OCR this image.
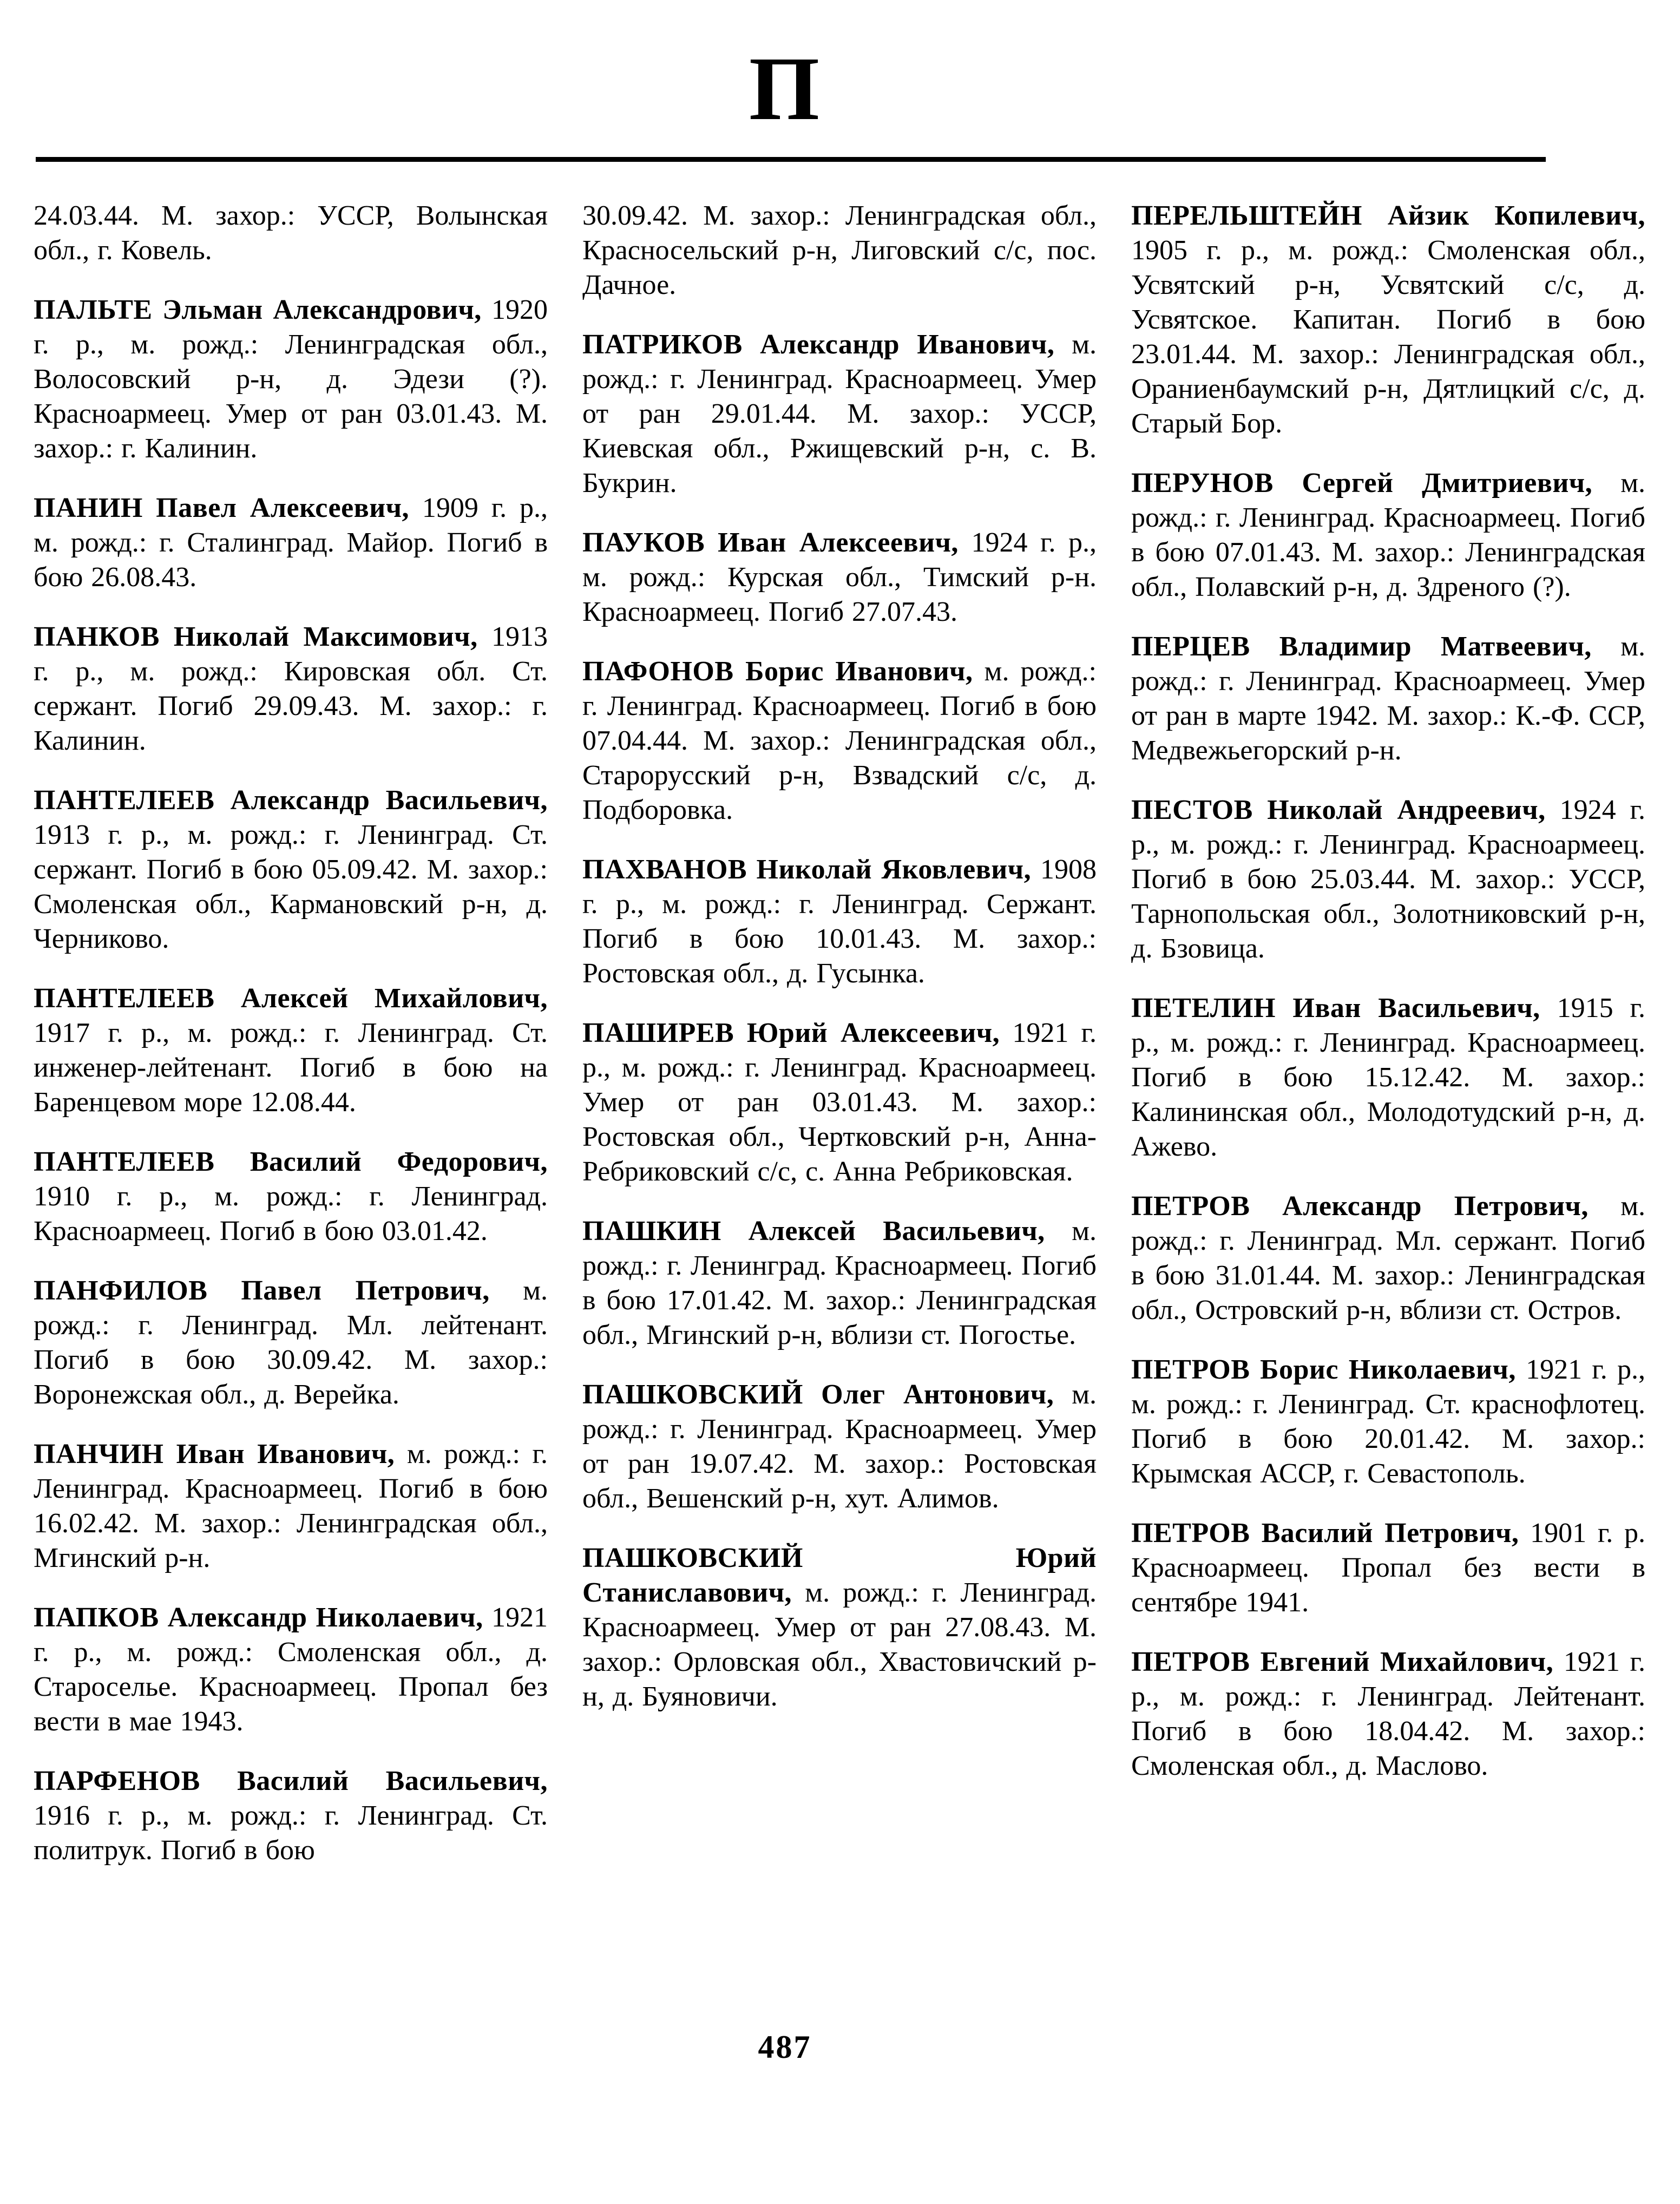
П

24.03.44. М. захор.: УССР, Волынская обл., г. Ковель.

ПАЛЬТЕ Эльман Александрович, 1920 г. р., м. рожд.: Ленинградская обл., Волосовский р-н, д. Эдези (?). Красноармеец. Умер от ран 03.01.43. М. захор.: г. Калинин.

ПАНИН Павел Алексеевич, 1909 г. р., м. рожд.: г. Сталинград. Майор. Погиб в бою 26.08.43.

ПАНКОВ Николай Максимович, 1913 г. р., м. рожд.: Кировская обл. Ст. сержант. Погиб 29.09.43. М. захор.: г. Калинин.

ПАНТЕЛЕЕВ Александр Васильевич, 1913 г. р., м. рожд.: г. Ленинград. Ст. сержант. Погиб в бою 05.09.42. М. захор.: Смоленская обл., Кармановский р-н, д. Черниково.

ПАНТЕЛЕЕВ Алексей Михайлович, 1917 г. р., м. рожд.: г. Ленинград. Ст. инженер-лейтенант. Погиб в бою на Баренцевом море 12.08.44.

ПАНТЕЛЕЕВ Василий Федорович, 1910 г. р., м. рожд.: г. Ленинград. Красноармеец. Погиб в бою 03.01.42.

ПАНФИЛОВ Павел Петрович, м. рожд.: г. Ленинград. Мл. лейтенант. Погиб в бою 30.09.42. М. захор.: Воронежская обл., д. Верейка.

ПАНЧИН Иван Иванович, м. рожд.: г. Ленинград. Красноармеец. Погиб в бою 16.02.42. М. захор.: Ленинградская обл., Мгинский р-н.

ПАПКОВ Александр Николаевич, 1921 г. р., м. рожд.: Смоленская обл., д. Староселье. Красноармеец. Пропал без вести в мае 1943.

ПАРФЕНОВ Василий Васильевич, 1916 г. р., м. рожд.: г. Ленинград. Ст. политрук. Погиб в бою

30.09.42. М. захор.: Ленинградская обл., Красносельский р-н, Лиговский с/с, пос. Дачное.

ПАТРИКОВ Александр Иванович, м. рожд.: г. Ленинград. Красноармеец. Умер от ран 29.01.44. М. захор.: УССР, Киевская обл., Ржищевский р-н, с. В. Букрин.

ПАУКОВ Иван Алексеевич, 1924 г. р., м. рожд.: Курская обл., Тимский р-н. Красноармеец. Погиб 27.07.43.

ПАФОНОВ Борис Иванович, м. рожд.: г. Ленинград. Красноармеец. Погиб в бою 07.04.44. М. захор.: Ленинградская обл., Старорусский р-н, Взвадский с/с, д. Подборовка.

ПАХВАНОВ Николай Яковлевич, 1908 г. р., м. рожд.: г. Ленинград. Сержант. Погиб в бою 10.01.43. М. захор.: Ростовская обл., д. Гусынка.

ПАШИРЕВ Юрий Алексеевич, 1921 г. р., м. рожд.: г. Ленинград. Красноармеец. Умер от ран 03.01.43. М. захор.: Ростовская обл., Чертковский р-н, Анна-Ребриковский с/с, с. Анна Ребриковская.

ПАШКИН Алексей Васильевич, м. рожд.: г. Ленинград. Красноармеец. Погиб в бою 17.01.42. М. захор.: Ленинградская обл., Мгинский р-н, вблизи ст. Погостье.

ПАШКОВСКИЙ Олег Антонович, м. рожд.: г. Ленинград. Красноармеец. Умер от ран 19.07.42. М. захор.: Ростовская обл., Вешенский р-н, хут. Алимов.

ПАШКОВСКИЙ Юрий Станиславович, м. рожд.: г. Ленинград. Красноармеец. Умер от ран 27.08.43. М. захор.: Орловская обл., Хвастовичский р-н, д. Буяновичи.

ПЕРЕЛЬШТЕЙН Айзик Копилевич, 1905 г. р., м. рожд.: Смоленская обл., Усвятский р-н, Усвятский с/с, д. Усвятское. Капитан. Погиб в бою 23.01.44. М. захор.: Ленинградская обл., Ораниенбаумский р-н, Дятлицкий с/с, д. Старый Бор.

ПЕРУНОВ Сергей Дмитриевич, м. рожд.: г. Ленинград. Красноармеец. Погиб в бою 07.01.43. М. захор.: Ленинградская обл., Полавский р-н, д. Здреного (?).

ПЕРЦЕВ Владимир Матвеевич, м. рожд.: г. Ленинград. Красноармеец. Умер от ран в марте 1942. М. захор.: К.-Ф. ССР, Медвежьегорский р-н.

ПЕСТОВ Николай Андреевич, 1924 г. р., м. рожд.: г. Ленинград. Красноармеец. Погиб в бою 25.03.44. М. захор.: УССР, Тарнопольская обл., Золотниковский р-н, д. Бзовица.

ПЕТЕЛИН Иван Васильевич, 1915 г. р., м. рожд.: г. Ленинград. Красноармеец. Погиб в бою 15.12.42. М. захор.: Калининская обл., Молодотудский р-н, д. Ажево.

ПЕТРОВ Александр Петрович, м. рожд.: г. Ленинград. Мл. сержант. Погиб в бою 31.01.44. М. захор.: Ленинградская обл., Островский р-н, вблизи ст. Остров.

ПЕТРОВ Борис Николаевич, 1921 г. р., м. рожд.: г. Ленинград. Ст. краснофлотец. Погиб в бою 20.01.42. М. захор.: Крымская АССР, г. Севастополь.

ПЕТРОВ Василий Петрович, 1901 г. р. Красноармеец. Пропал без вести в сентябре 1941.

ПЕТРОВ Евгений Михайлович, 1921 г. р., м. рожд.: г. Ленинград. Лейтенант. Погиб в бою 18.04.42. М. захор.: Смоленская обл., д. Маслово.

487
